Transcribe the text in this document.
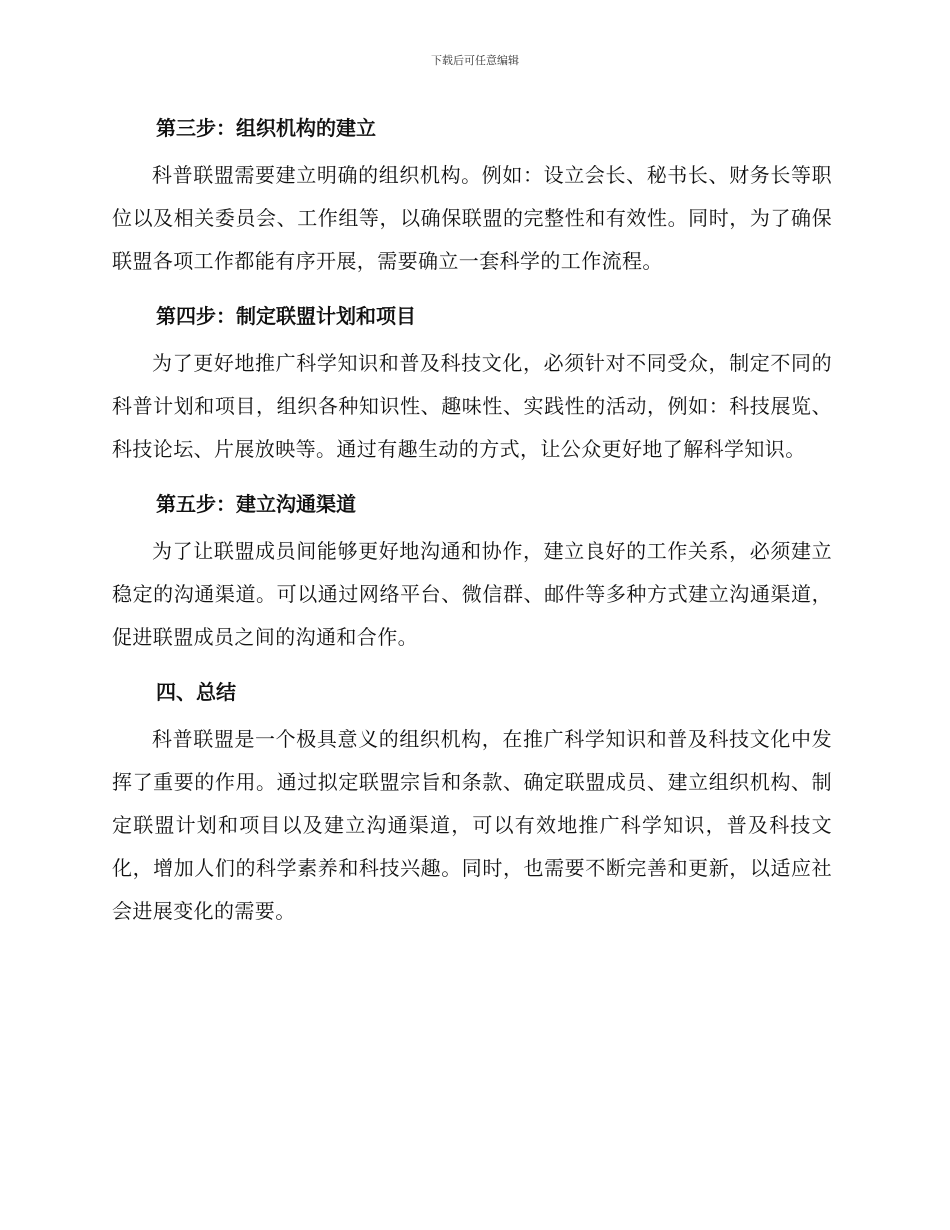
下载后可任意编辑
第三步：组织机构的建立

科普联盟需要建立明确的组织机构。例如：设立会长、秘书长、财务长等职位以及相关委员会、工作组等，以确保联盟的完整性和有效性。同时，为了确保联盟各项工作都能有序开展，需要确立一套科学的工作流程。

第四步：制定联盟计划和项目

为了更好地推广科学知识和普及科技文化，必须针对不同受众，制定不同的科普计划和项目，组织各种知识性、趣味性、实践性的活动，例如：科技展览、科技论坛、片展放映等。通过有趣生动的方式，让公众更好地了解科学知识。

第五步：建立沟通渠道

为了让联盟成员间能够更好地沟通和协作，建立良好的工作关系，必须建立稳定的沟通渠道。可以通过网络平台、微信群、邮件等多种方式建立沟通渠道，促进联盟成员之间的沟通和合作。

四、总结

科普联盟是一个极具意义的组织机构，在推广科学知识和普及科技文化中发挥了重要的作用。通过拟定联盟宗旨和条款、确定联盟成员、建立组织机构、制定联盟计划和项目以及建立沟通渠道，可以有效地推广科学知识，普及科技文化，增加人们的科学素养和科技兴趣。同时，也需要不断完善和更新，以适应社会进展变化的需要。
